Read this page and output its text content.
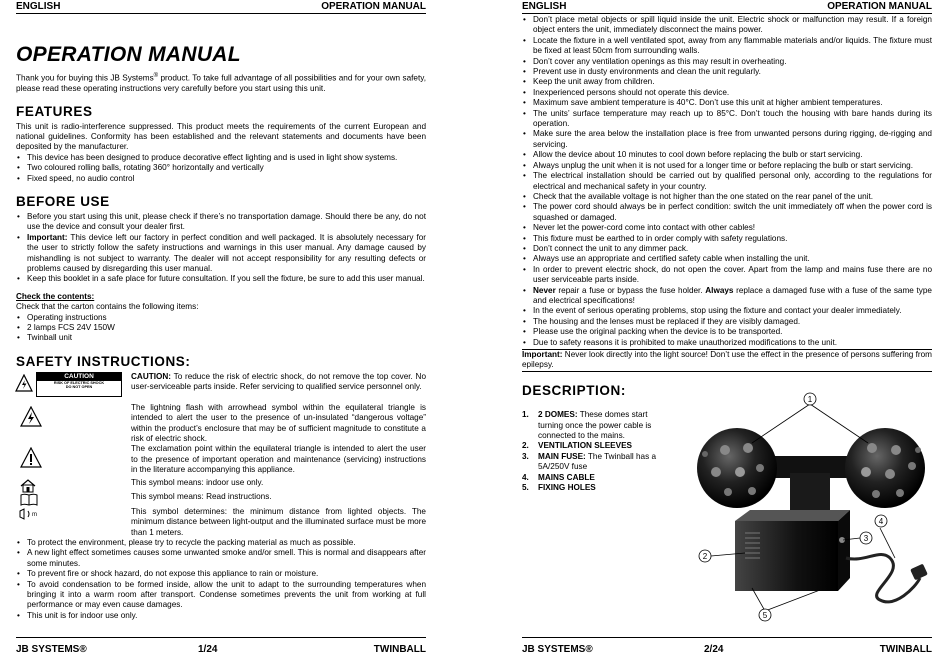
ENGLISH	OPERATION MANUAL
OPERATION MANUAL

Thank you for buying this JB Systems® product. To take full advantage of all possibilities and for your own safety, please read these operating instructions very carefully before you start using this unit.

FEATURES

This unit is radio-interference suppressed. This product meets the requirements of the current European and national guidelines. Conformity has been established and the relevant statements and documents have been deposited by the manufacturer.

• This device has been designed to produce decorative effect lighting and is used in light show systems.
• Two coloured rolling balls, rotating 360° horizontally and vertically
• Fixed speed, no audio control
BEFORE USE
• Before you start using this unit, please check if there’s no transportation damage. Should there be any, do not use the device and consult your dealer first.
• Important: This device left our factory in perfect condition and well packaged. It is absolutely necessary for the user to strictly follow the safety instructions and warnings in this user manual. Any damage caused by mishandling is not subject to warranty. The dealer will not accept responsibility for any resulting defects or problems caused by disregarding this user manual.
• Keep this booklet in a safe place for future consultation. If you sell the fixture, be sure to add this user manual.

Check the contents:

Check that the carton contains the following items:

• Operating instructions
• 2 lamps FCS 24V 150W
• Twinball unit
SAFETY INSTRUCTIONS:
CAUTION
RISK OF ELECTRIC SHOCK
DO NOT OPEN
CAUTION: To reduce the risk of electric shock, do not remove the top cover. No user-serviceable parts inside. Refer servicing to qualified service personnel only.
The lightning flash with arrowhead symbol within the equilateral triangle is intended to alert the user to the presence of un-insulated “dangerous voltage” within the product’s enclosure that may be of sufficient magnitude to constitute a risk of electric shock.
The exclamation point within the equilateral triangle is intended to alert the user to the presence of important operation and maintenance (servicing) instructions in the literature accompanying this appliance.
This symbol means: indoor use only.
This symbol means: Read instructions.
m	This symbol determines: the minimum distance from lighted objects. The minimum distance between light-output and the illuminated surface must be more than 1 meters.
• To protect the environment, please try to recycle the packing material as much as possible.
• A new light effect sometimes causes some unwanted smoke and/or smell. This is normal and disappears after some minutes.
• To prevent fire or shock hazard, do not expose this appliance to rain or moisture.
• To avoid condensation to be formed inside, allow the unit to adapt to the surrounding temperatures when bringing it into a warm room after transport. Condense sometimes prevents the unit from working at full performance or may even cause damages.
• This unit is for indoor use only.
JB SYSTEMS®	1/24	TWINBALL
ENGLISH	OPERATION MANUAL
• Don’t place metal objects or spill liquid inside the unit. Electric shock or malfunction may result. If a foreign object enters the unit, immediately disconnect the mains power.
• Locate the fixture in a well ventilated spot, away from any flammable materials and/or liquids. The fixture must be fixed at least 50cm from surrounding walls.
• Don’t cover any ventilation openings as this may result in overheating.
• Prevent use in dusty environments and clean the unit regularly.
• Keep the unit away from children.
• Inexperienced persons should not operate this device.
• Maximum save ambient temperature is 40°C. Don’t use this unit at higher ambient temperatures.
• The units’ surface temperature may reach up to 85°C. Don’t touch the housing with bare hands during its operation.
• Make sure the area below the installation place is free from unwanted persons during rigging, de-rigging and servicing.
• Allow the device about 10 minutes to cool down before replacing the bulb or start servicing.
• Always unplug the unit when it is not used for a longer time or before replacing the bulb or start servicing.
• The electrical installation should be carried out by qualified personal only, according to the regulations for electrical and mechanical safety in your country.
• Check that the available voltage is not higher than the one stated on the rear panel of the unit.
• The power cord should always be in perfect condition: switch the unit immediately off when the power cord is squashed or damaged.
• Never let the power-cord come into contact with other cables!
• This fixture must be earthed to in order comply with safety regulations.
• Don’t connect the unit to any dimmer pack.
• Always use an appropriate and certified safety cable when installing the unit.
• In order to prevent electric shock, do not open the cover. Apart from the lamp and mains fuse there are no user serviceable parts inside.
• Never repair a fuse or bypass the fuse holder. Always replace a damaged fuse with a fuse of the same type and electrical specifications!
• In the event of serious operating problems, stop using the fixture and contact your dealer immediately.
• The housing and the lenses must be replaced if they are visibly damaged.
• Please use the original packing when the device is to be transported.
• Due to safety reasons it is prohibited to make unauthorized modifications to the unit.

Important: Never look directly into the light source! Don’t use the effect in the presence of persons suffering from epilepsy.

DESCRIPTION:
1. 2 DOMES: These domes start turning once the power cable is connected to the mains.
2. VENTILATION SLEEVES
3. MAIN FUSE: The Twinball has a 5A/250V fuse
4. MAINS CABLE
5. FIXING HOLES
1
2
3
4
5
JB SYSTEMS®	2/24	TWINBALL
